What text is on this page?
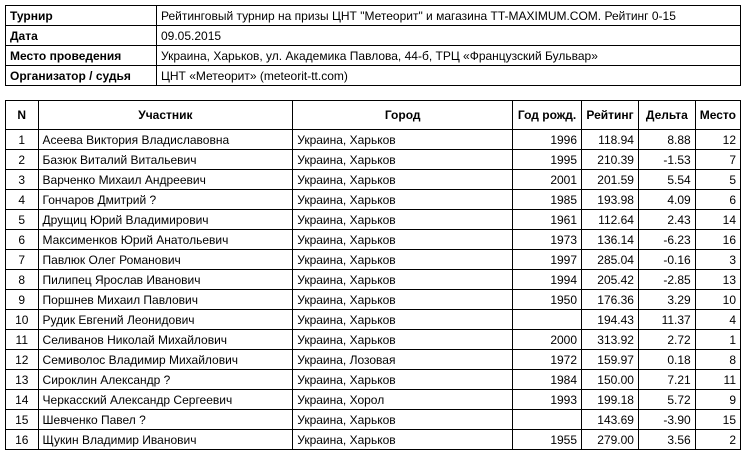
Турнир	Рейтинговый турнир на призы ЦНТ "Метеорит" и магазина TT-MAXIMUM.COM. Рейтинг 0-15
Дата	09.05.2015
Место проведения	Украина, Харьков, ул. Академика Павлова, 44-б, ТРЦ «Французский Бульвар»
Организатор / судья	ЦНТ «Метеорит» (meteorit-tt.com)
N	Участник	Город	Год рожд.	Рейтинг	Дельта	Место
1	Асеева Виктория Владиславовна	Украина, Харьков	1996	118.94	8.88	12
2	Базюк Виталий Витальевич	Украина, Харьков	1995	210.39	-1.53	7
3	Варченко Михаил Андреевич	Украина, Харьков	2001	201.59	5.54	5
4	Гончаров Дмитрий ?	Украина, Харьков	1985	193.98	4.09	6
5	Друщиц Юрий Владимирович	Украина, Харьков	1961	112.64	2.43	14
6	Максименков Юрий Анатольевич	Украина, Харьков	1973	136.14	-6.23	16
7	Павлюк Олег Романович	Украина, Харьков	1997	285.04	-0.16	3
8	Пилипец Ярослав Иванович	Украина, Харьков	1994	205.42	-2.85	13
9	Поршнев Михаил Павлович	Украина, Харьков	1950	176.36	3.29	10
10	Рудик Евгений Леонидович	Украина, Харьков		194.43	11.37	4
11	Селиванов Николай Михайлович	Украина, Харьков	2000	313.92	2.72	1
12	Семиволос Владимир Михайлович	Украина, Лозовая	1972	159.97	0.18	8
13	Сироклин Александр ?	Украина, Харьков	1984	150.00	7.21	11
14	Черкасский Александр Сергеевич	Украина, Хорол	1993	199.18	5.72	9
15	Шевченко Павел ?	Украина, Харьков		143.69	-3.90	15
16	Щукин Владимир Иванович	Украина, Харьков	1955	279.00	3.56	2
